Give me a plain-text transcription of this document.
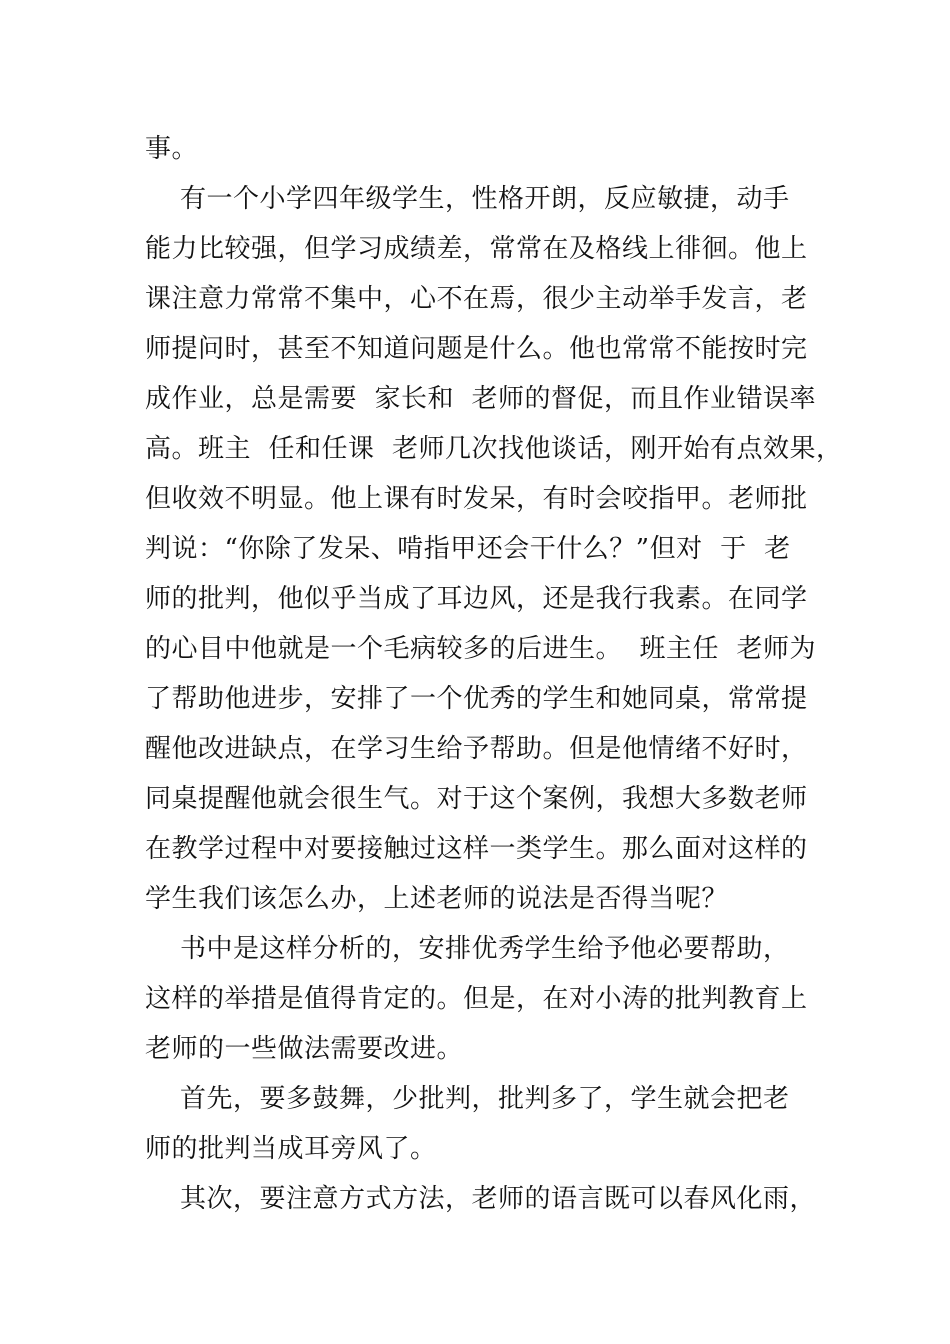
事。
有一个小学四年级学生，性格开朗，反应敏捷，动手
能力比较强，但学习成绩差，常常在及格线上徘徊。他上
课注意力常常不集中，心不在焉，很少主动举手发言，老
师提问时，甚至不知道问题是什么。他也常常不能按时完
成作业，总是需要  家长和  老师的督促，而且作业错误率
高。班主  任和任课  老师几次找他谈话，刚开始有点效果，
但收效不明显。他上课有时发呆，有时会咬指甲。老师批
判说：“你除了发呆、啃指甲还会干什么？”但对  于  老
师的批判，他似乎当成了耳边风，还是我行我素。在同学
的心目中他就是一个毛病较多的后进生。  班主任  老师为
了帮助他进步，安排了一个优秀的学生和她同桌，常常提
醒他改进缺点，在学习生给予帮助。但是他情绪不好时，
同桌提醒他就会很生气。对于这个案例，我想大多数老师
在教学过程中对要接触过这样一类学生。那么面对这样的
学生我们该怎么办，上述老师的说法是否得当呢？
书中是这样分析的，安排优秀学生给予他必要帮助，
这样的举措是值得肯定的。但是，在对小涛的批判教育上
老师的一些做法需要改进。
首先，要多鼓舞，少批判，批判多了，学生就会把老
师的批判当成耳旁风了。
其次，要注意方式方法，老师的语言既可以春风化雨，
